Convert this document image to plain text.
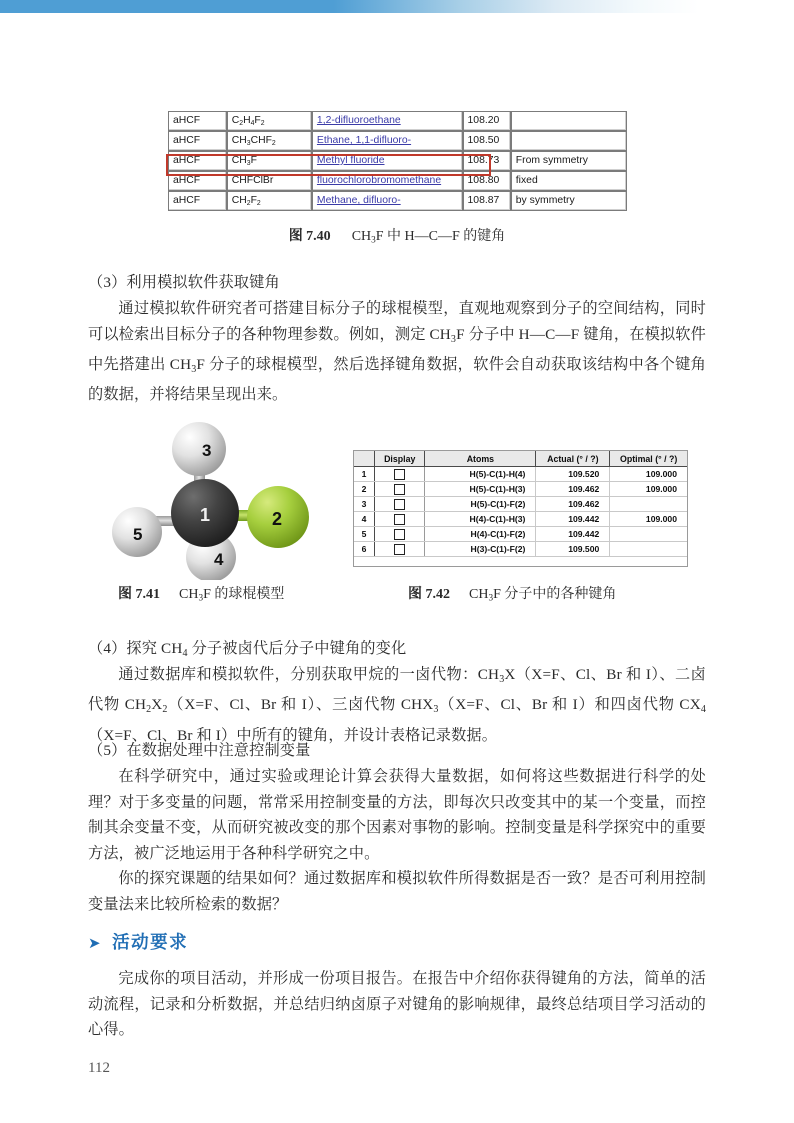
aHCF	$C_2H_4F_2$	1,2-difluoroethane	108.20	
aHCF	$CH_3CHF_2$	Ethane, 1,1-difluoro-	108.50	
aHCF	$CH_3F$	Methyl fluoride	108.73	From symmetry
aHCF	CHFClBr	fluorochlorobromomethane	108.80	fixed
aHCF	$CH_2F_2$	Methane, difluoro-	108.87	by symmetry
图 7.40 $CH_3F$ 中 H—C—F 的键角
（3）利用模拟软件获取键角
通过模拟软件研究者可搭建目标分子的球棍模型，直观地观察到分子的空间结构，同时可以检索出目标分子的各种物理参数。例如，测定 $CH_3F$ 分子中 H—C—F 键角，在模拟软件中先搭建出 $CH_3F$ 分子的球棍模型，然后选择键角数据，软件会自动获取该结构中各个键角的数据，并将结果呈现出来。
3
5
4
2
1
	Display	Atoms	Actual (° / ?)	Optimal (° / ?)
1		H(5)-C(1)-H(4)	109.520	109.000
2		H(5)-C(1)-H(3)	109.462	109.000
3		H(5)-C(1)-F(2)	109.462	
4		H(4)-C(1)-H(3)	109.442	109.000
5		H(4)-C(1)-F(2)	109.442	
6		H(3)-C(1)-F(2)	109.500	
图 7.41 $CH_3F$ 的球棍模型	图 7.42 $CH_3F$ 分子中的各种键角
（4）探究 $CH_4$ 分子被卤代后分子中键角的变化
通过数据库和模拟软件，分别获取甲烷的一卤代物：$CH_3X(X=F$、Cl、Br 和 I）、二卤代物 $CH_2X_2(X=F$、Cl、Br 和 I）、三卤代物 $CHX_3(X=F$、Cl、Br 和 I）和四卤代物 $CX_4(X=F$、Cl、Br 和 I）中所有的键角，并设计表格记录数据。
（5）在数据处理中注意控制变量
在科学研究中，通过实验或理论计算会获得大量数据，如何将这些数据进行科学的处理？对于多变量的问题，常常采用控制变量的方法，即每次只改变其中的某一个变量，而控制其余变量不变，从而研究被改变的那个因素对事物的影响。控制变量是科学探究中的重要方法，被广泛地运用于各种科学研究之中。
你的探究课题的结果如何？通过数据库和模拟软件所得数据是否一致？是否可利用控制变量法来比较所检索的数据？
➤ 活动要求
完成你的项目活动，并形成一份项目报告。在报告中介绍你获得键角的方法，简单的活动流程，记录和分析数据，并总结归纳卤原子对键角的影响规律，最终总结项目学习活动的心得。
112
